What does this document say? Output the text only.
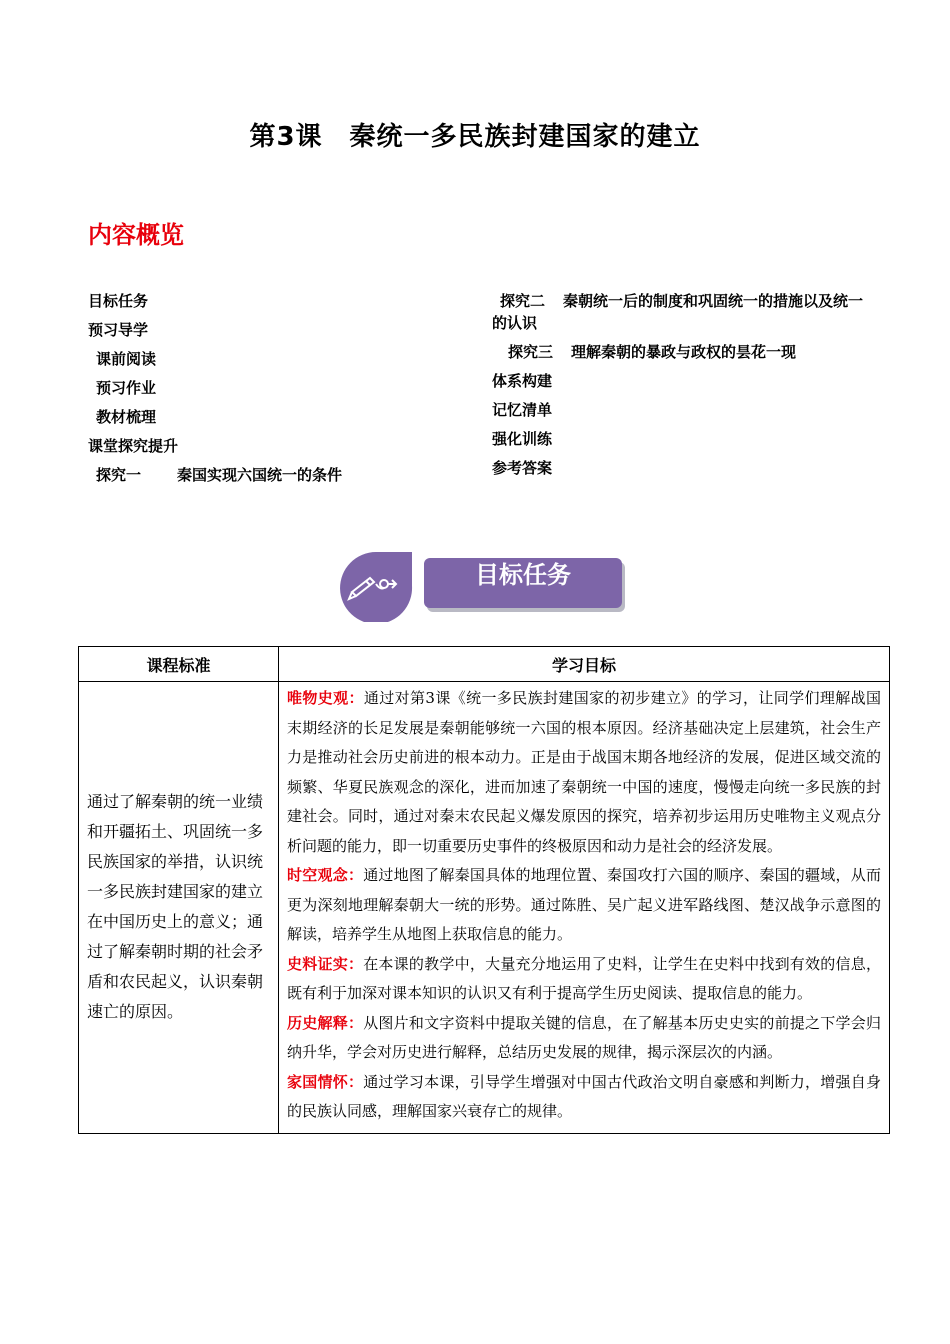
第3课　秦统一多民族封建国家的建立
内容概览
目标任务
预习导学
课前阅读
预习作业
教材梳理
课堂探究提升
探究一 秦国实现六国统一的条件
探究二 秦朝统一后的制度和巩固统一的措施以及统一的认识
探究三 理解秦朝的暴政与政权的昙花一现
体系构建
记忆清单
强化训练
参考答案
目标任务
课程标准	学习目标
通过了解秦朝的统一业绩和开疆拓土、巩固统一多民族国家的举措，认识统一多民族封建国家的建立在中国历史上的意义；通过了解秦朝时期的社会矛盾和农民起义，认识秦朝速亡的原因。	唯物史观：通过对第3课《统一多民族封建国家的初步建立》的学习，让同学们理解战国末期经济的长足发展是秦朝能够统一六国的根本原因。经济基础决定上层建筑，社会生产力是推动社会历史前进的根本动力。正是由于战国末期各地经济的发展，促进区域交流的频繁、华夏民族观念的深化，进而加速了秦朝统一中国的速度，慢慢走向统一多民族的封建社会。同时，通过对秦末农民起义爆发原因的探究，培养初步运用历史唯物主义观点分析问题的能力，即一切重要历史事件的终极原因和动力是社会的经济发展。

时空观念：通过地图了解秦国具体的地理位置、秦国攻打六国的顺序、秦国的疆域，从而更为深刻地理解秦朝大一统的形势。通过陈胜、吴广起义进军路线图、楚汉战争示意图的解读，培养学生从地图上获取信息的能力。

史料证实：在本课的教学中，大量充分地运用了史料，让学生在史料中找到有效的信息，既有利于加深对课本知识的认识又有利于提高学生历史阅读、提取信息的能力。

历史解释：从图片和文字资料中提取关键的信息，在了解基本历史史实的前提之下学会归纳升华，学会对历史进行解释，总结历史发展的规律，揭示深层次的内涵。

家国情怀：通过学习本课，引导学生增强对中国古代政治文明自豪感和判断力，增强自身的民族认同感，理解国家兴衰存亡的规律。
